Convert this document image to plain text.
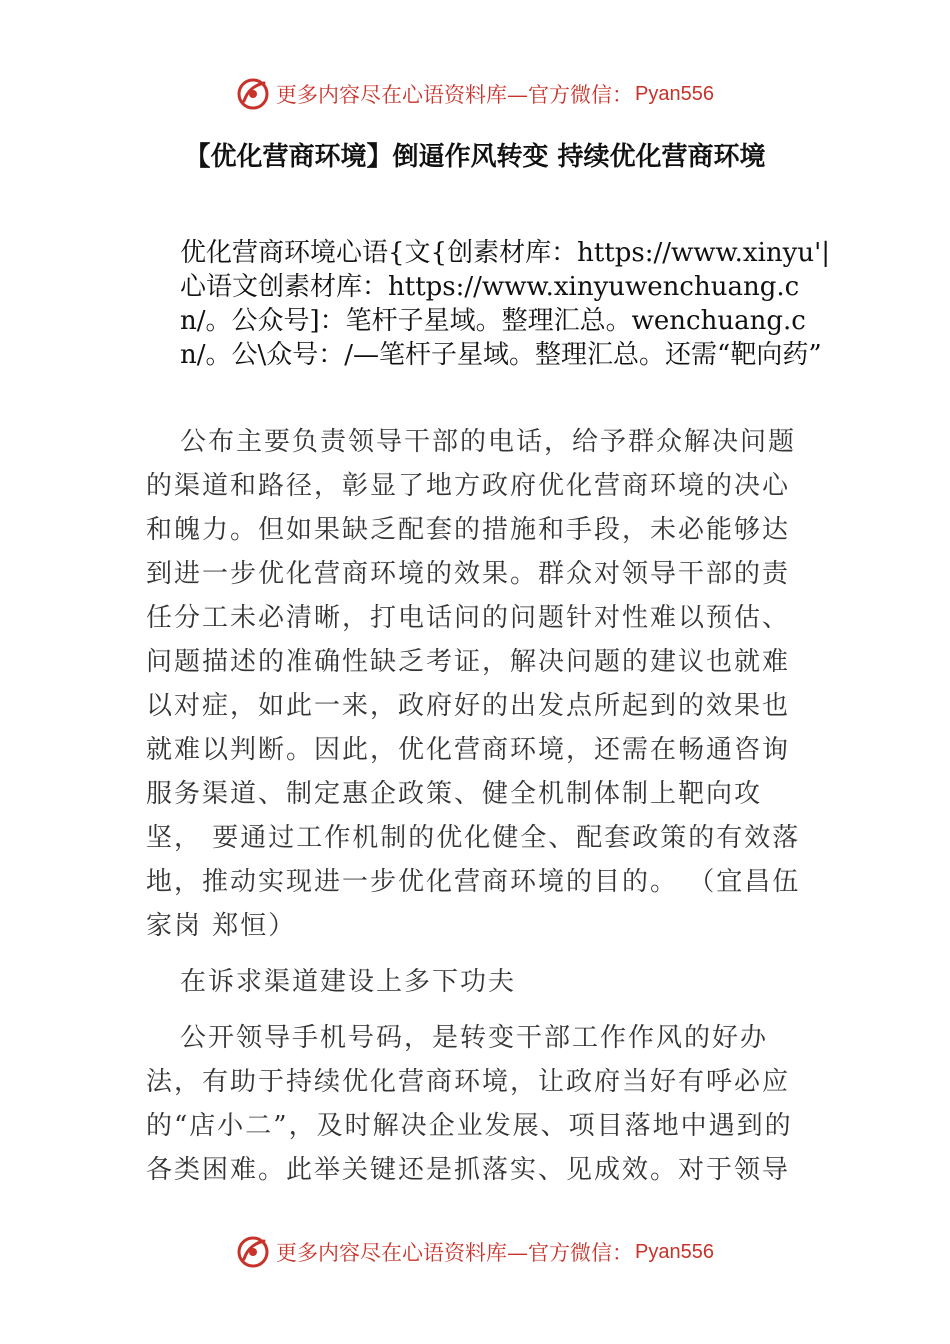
更多内容尽在心语资料库—官方微信： Pyan556
【优化营商环境】倒逼作风转变 持续优化营商环境
优化营商环境心语{文{创素材库：https://www.xinyu'|心语文创素材库：https://www.xinyuwenchuang.cn/。公众号]：笔杆子星域。整理汇总。wenchuang.cn/。公\众号：/—笔杆子星域。整理汇总。还需“靶向药”

公布主要负责领导干部的电话，给予群众解决问题的渠道和路径，彰显了地方政府优化营商环境的决心和魄力。但如果缺乏配套的措施和手段，未必能够达到进一步优化营商环境的效果。群众对领导干部的责任分工未必清晰，打电话问的问题针对性难以预估、问题描述的准确性缺乏考证，解决问题的建议也就难以对症，如此一来，政府好的出发点所起到的效果也就难以判断。因此，优化营商环境，还需在畅通咨询服务渠道、制定惠企政策、健全机制体制上靶向攻坚， 要通过工作机制的优化健全、配套政策的有效落地，推动实现进一步优化营商环境的目的。 （宜昌伍家岗 郑恒）

在诉求渠道建设上多下功夫

公开领导手机号码，是转变干部工作作风的好办法，有助于持续优化营商环境，让政府当好有呼必应的“店小二”，及时解决企业发展、项目落地中遇到的各类困难。此举关键还是抓落实、见成效。对于领导

更多内容尽在心语资料库—官方微信： Pyan556
